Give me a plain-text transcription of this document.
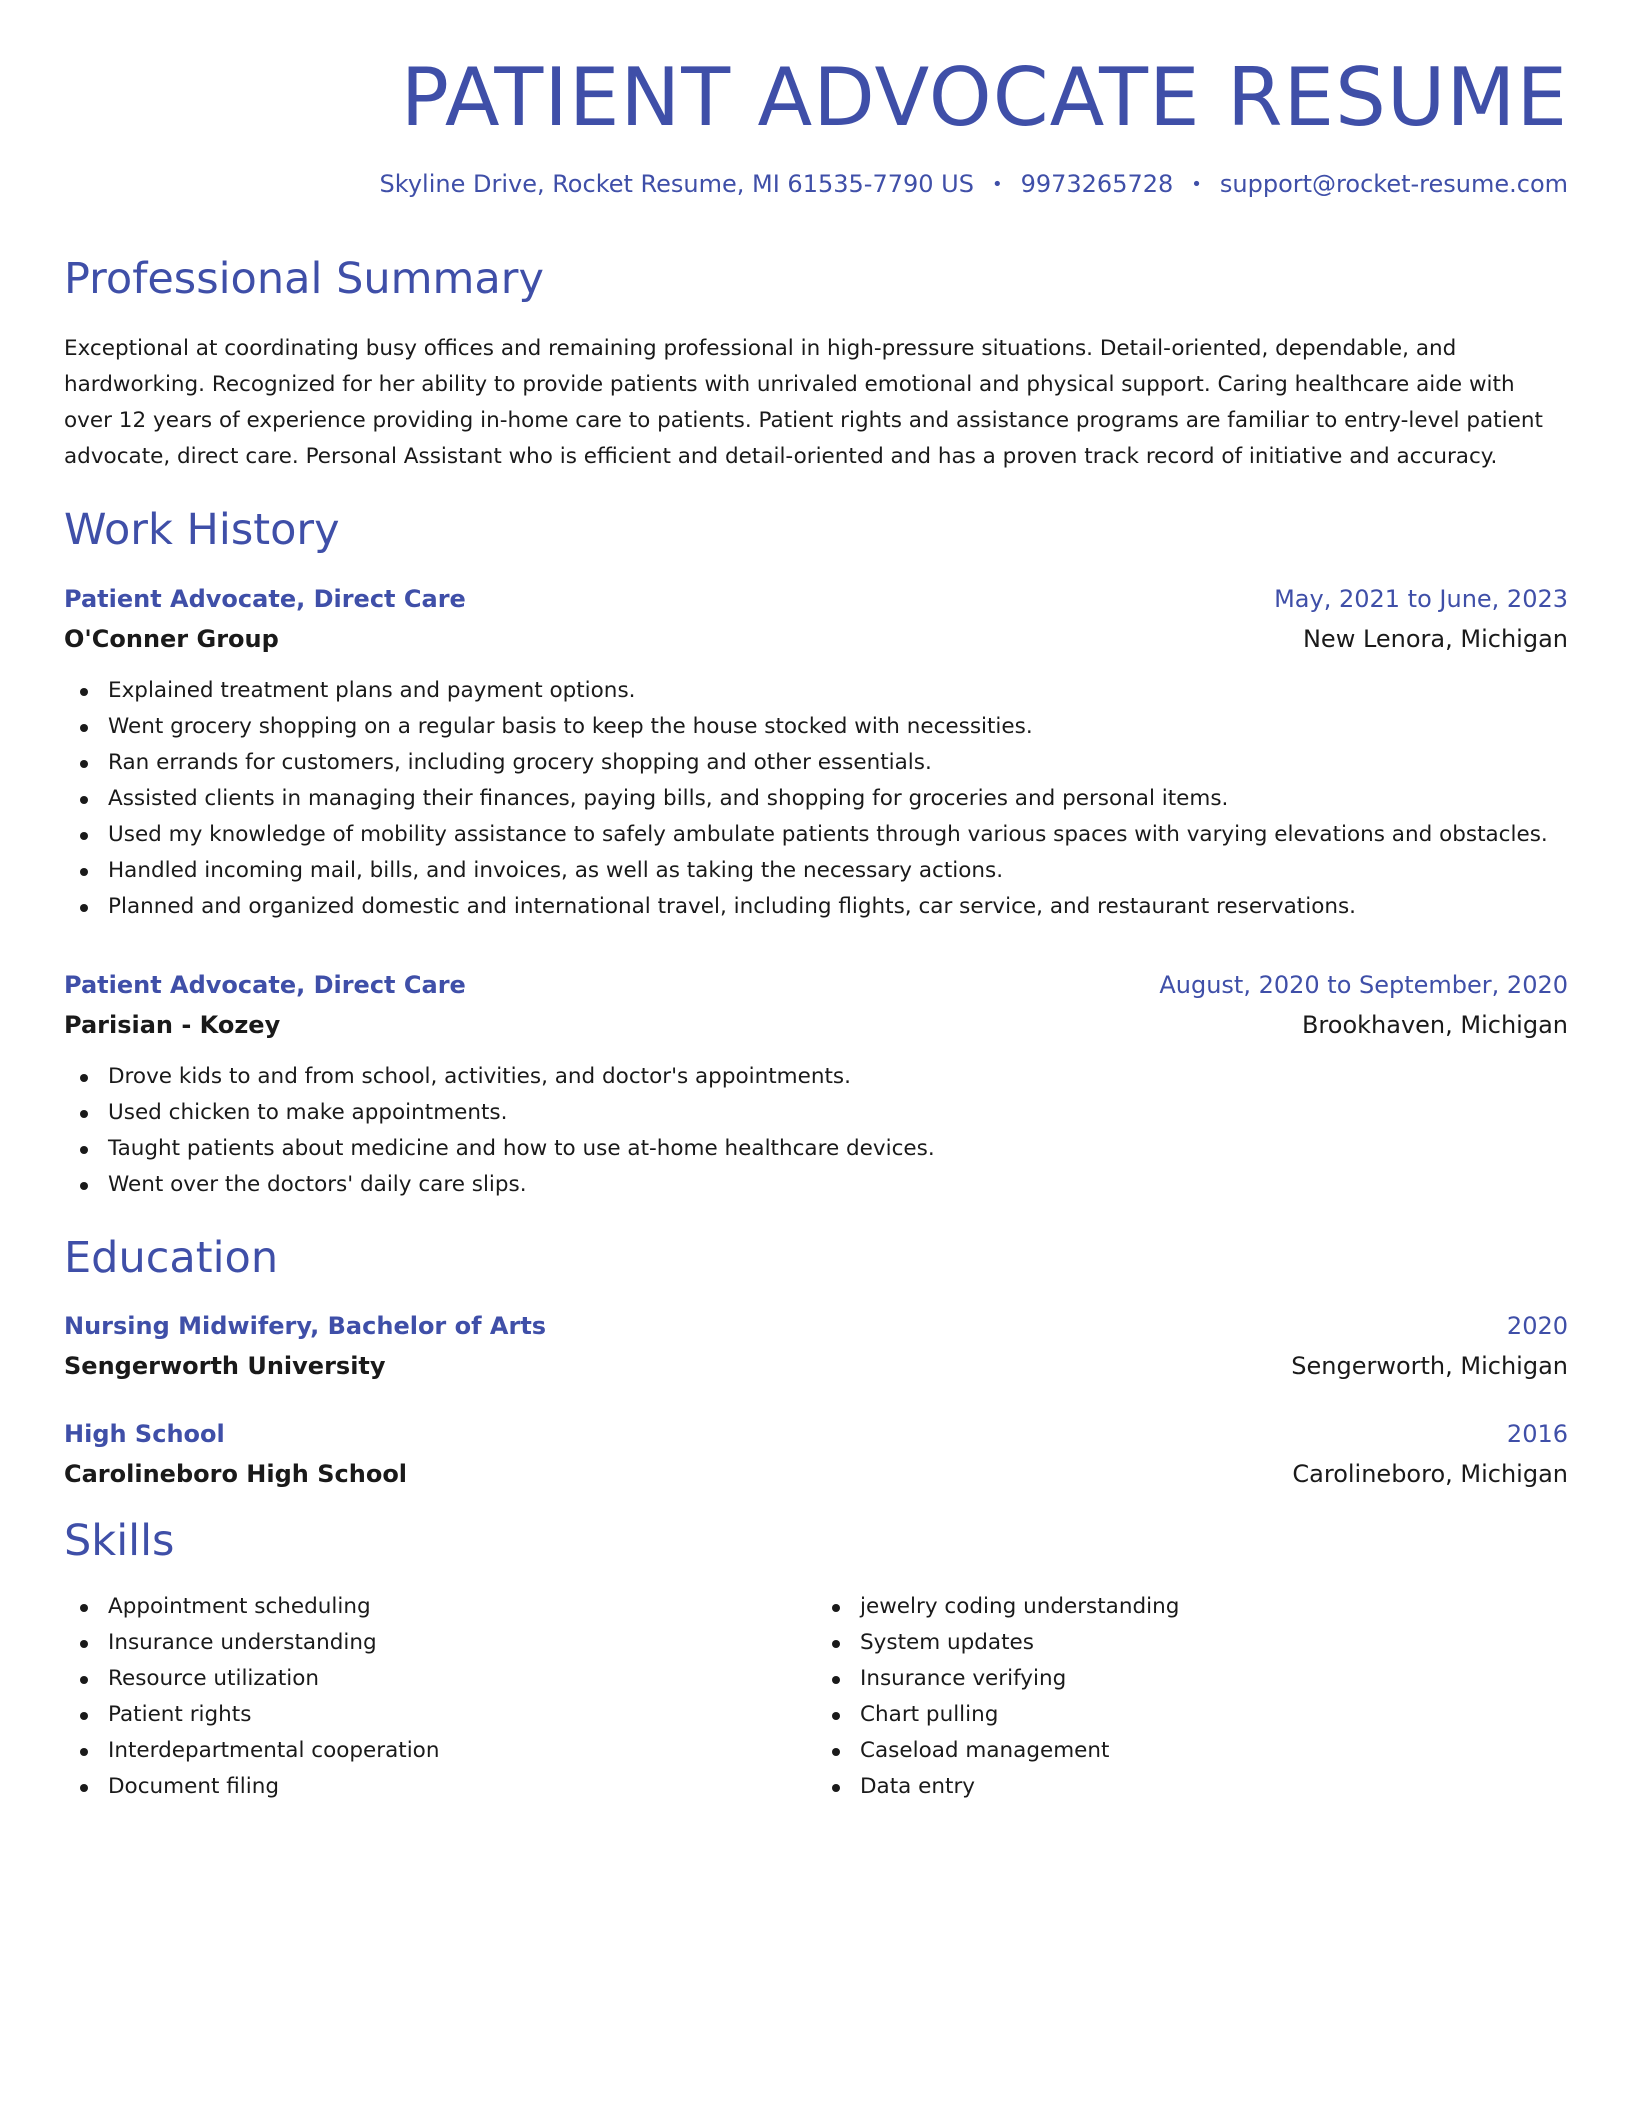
PATIENT ADVOCATE RESUME
Skyline Drive, Rocket Resume, MI 61535-7790 US • 9973265728 • support@rocket-resume.com
Professional Summary

Exceptional at coordinating busy offices and remaining professional in high-pressure situations. Detail-oriented, dependable, and hardworking. Recognized for her ability to provide patients with unrivaled emotional and physical support. Caring healthcare aide with over 12 years of experience providing in-home care to patients. Patient rights and assistance programs are familiar to entry-level patient advocate, direct care. Personal Assistant who is efficient and detail-oriented and has a proven track record of initiative and accuracy.

Work History
Patient Advocate, Direct Care	May, 2021 to June, 2023
O'Conner Group	New Lenora, Michigan
Explained treatment plans and payment options.
Went grocery shopping on a regular basis to keep the house stocked with necessities.
Ran errands for customers, including grocery shopping and other essentials.
Assisted clients in managing their finances, paying bills, and shopping for groceries and personal items.
Used my knowledge of mobility assistance to safely ambulate patients through various spaces with varying elevations and obstacles.
Handled incoming mail, bills, and invoices, as well as taking the necessary actions.
Planned and organized domestic and international travel, including flights, car service, and restaurant reservations.
Patient Advocate, Direct Care	August, 2020 to September, 2020
Parisian - Kozey	Brookhaven, Michigan
Drove kids to and from school, activities, and doctor's appointments.
Used chicken to make appointments.
Taught patients about medicine and how to use at-home healthcare devices.
Went over the doctors' daily care slips.
Education
Nursing Midwifery, Bachelor of Arts	2020
Sengerworth University	Sengerworth, Michigan
High School	2016
Carolineboro High School	Carolineboro, Michigan
Skills
Appointment scheduling
Insurance understanding
Resource utilization
Patient rights
Interdepartmental cooperation
Document filing
jewelry coding understanding
System updates
Insurance verifying
Chart pulling
Caseload management
Data entry
